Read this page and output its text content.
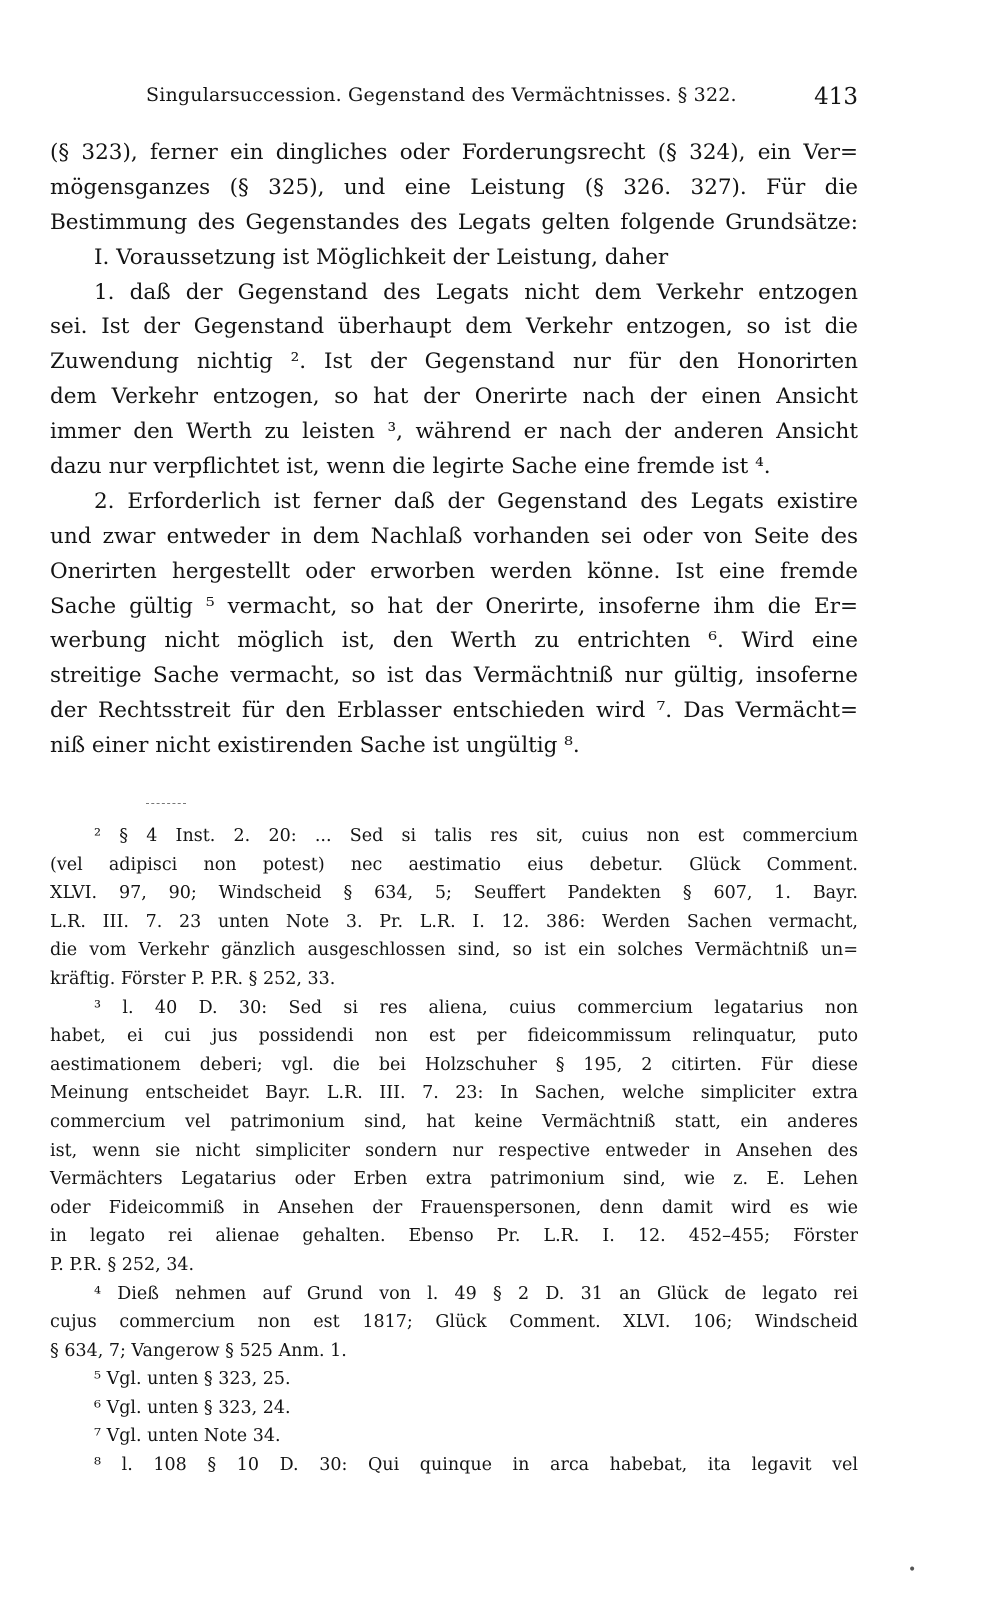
Singularsuccession. Gegenstand des Vermächtnisses. § 322.	413
(§ 323), ferner ein dingliches oder Forderungsrecht (§ 324), ein Ver=
mögensganzes (§ 325), und eine Leistung (§ 326. 327). Für die
Bestimmung des Gegenstandes des Legats gelten folgende Grundsätze:
I. Voraussetzung ist Möglichkeit der Leistung, daher
1. daß der Gegenstand des Legats nicht dem Verkehr entzogen
sei. Ist der Gegenstand überhaupt dem Verkehr entzogen, so ist die
Zuwendung nichtig ². Ist der Gegenstand nur für den Honorirten
dem Verkehr entzogen, so hat der Onerirte nach der einen Ansicht
immer den Werth zu leisten ³, während er nach der anderen Ansicht
dazu nur verpflichtet ist, wenn die legirte Sache eine fremde ist ⁴.
2. Erforderlich ist ferner daß der Gegenstand des Legats existire
und zwar entweder in dem Nachlaß vorhanden sei oder von Seite des
Onerirten hergestellt oder erworben werden könne. Ist eine fremde
Sache gültig ⁵ vermacht, so hat der Onerirte, insoferne ihm die Er=
werbung nicht möglich ist, den Werth zu entrichten ⁶. Wird eine
streitige Sache vermacht, so ist das Vermächtniß nur gültig, insoferne
der Rechtsstreit für den Erblasser entschieden wird ⁷. Das Vermächt=
niß einer nicht existirenden Sache ist ungültig ⁸.
² § 4 Inst. 2. 20: ... Sed si talis res sit, cuius non est commercium
(vel adipisci non potest) nec aestimatio eius debetur. Glück Comment.
XLVI. 97, 90; Windscheid § 634, 5; Seuffert Pandekten § 607, 1. Bayr.
L.R. III. 7. 23 unten Note 3. Pr. L.R. I. 12. 386: Werden Sachen vermacht,
die vom Verkehr gänzlich ausgeschlossen sind, so ist ein solches Vermächtniß un=
kräftig. Förster P. P.R. § 252, 33.
³ l. 40 D. 30: Sed si res aliena, cuius commercium legatarius non
habet, ei cui jus possidendi non est per fideicommissum relinquatur, puto
aestimationem deberi; vgl. die bei Holzschuher § 195, 2 citirten. Für diese
Meinung entscheidet Bayr. L.R. III. 7. 23: In Sachen, welche simpliciter extra
commercium vel patrimonium sind, hat keine Vermächtniß statt, ein anderes
ist, wenn sie nicht simpliciter sondern nur respective entweder in Ansehen des
Vermächters Legatarius oder Erben extra patrimonium sind, wie z. E. Lehen
oder Fideicommiß in Ansehen der Frauenspersonen, denn damit wird es wie
in legato rei alienae gehalten. Ebenso Pr. L.R. I. 12. 452–455; Förster
P. P.R. § 252, 34.
⁴ Dieß nehmen auf Grund von l. 49 § 2 D. 31 an Glück de legato rei
cujus commercium non est 1817; Glück Comment. XLVI. 106; Windscheid
§ 634, 7; Vangerow § 525 Anm. 1.
⁵ Vgl. unten § 323, 25.
⁶ Vgl. unten § 323, 24.
⁷ Vgl. unten Note 34.
⁸ l. 108 § 10 D. 30: Qui quinque in arca habebat, ita legavit vel
•
